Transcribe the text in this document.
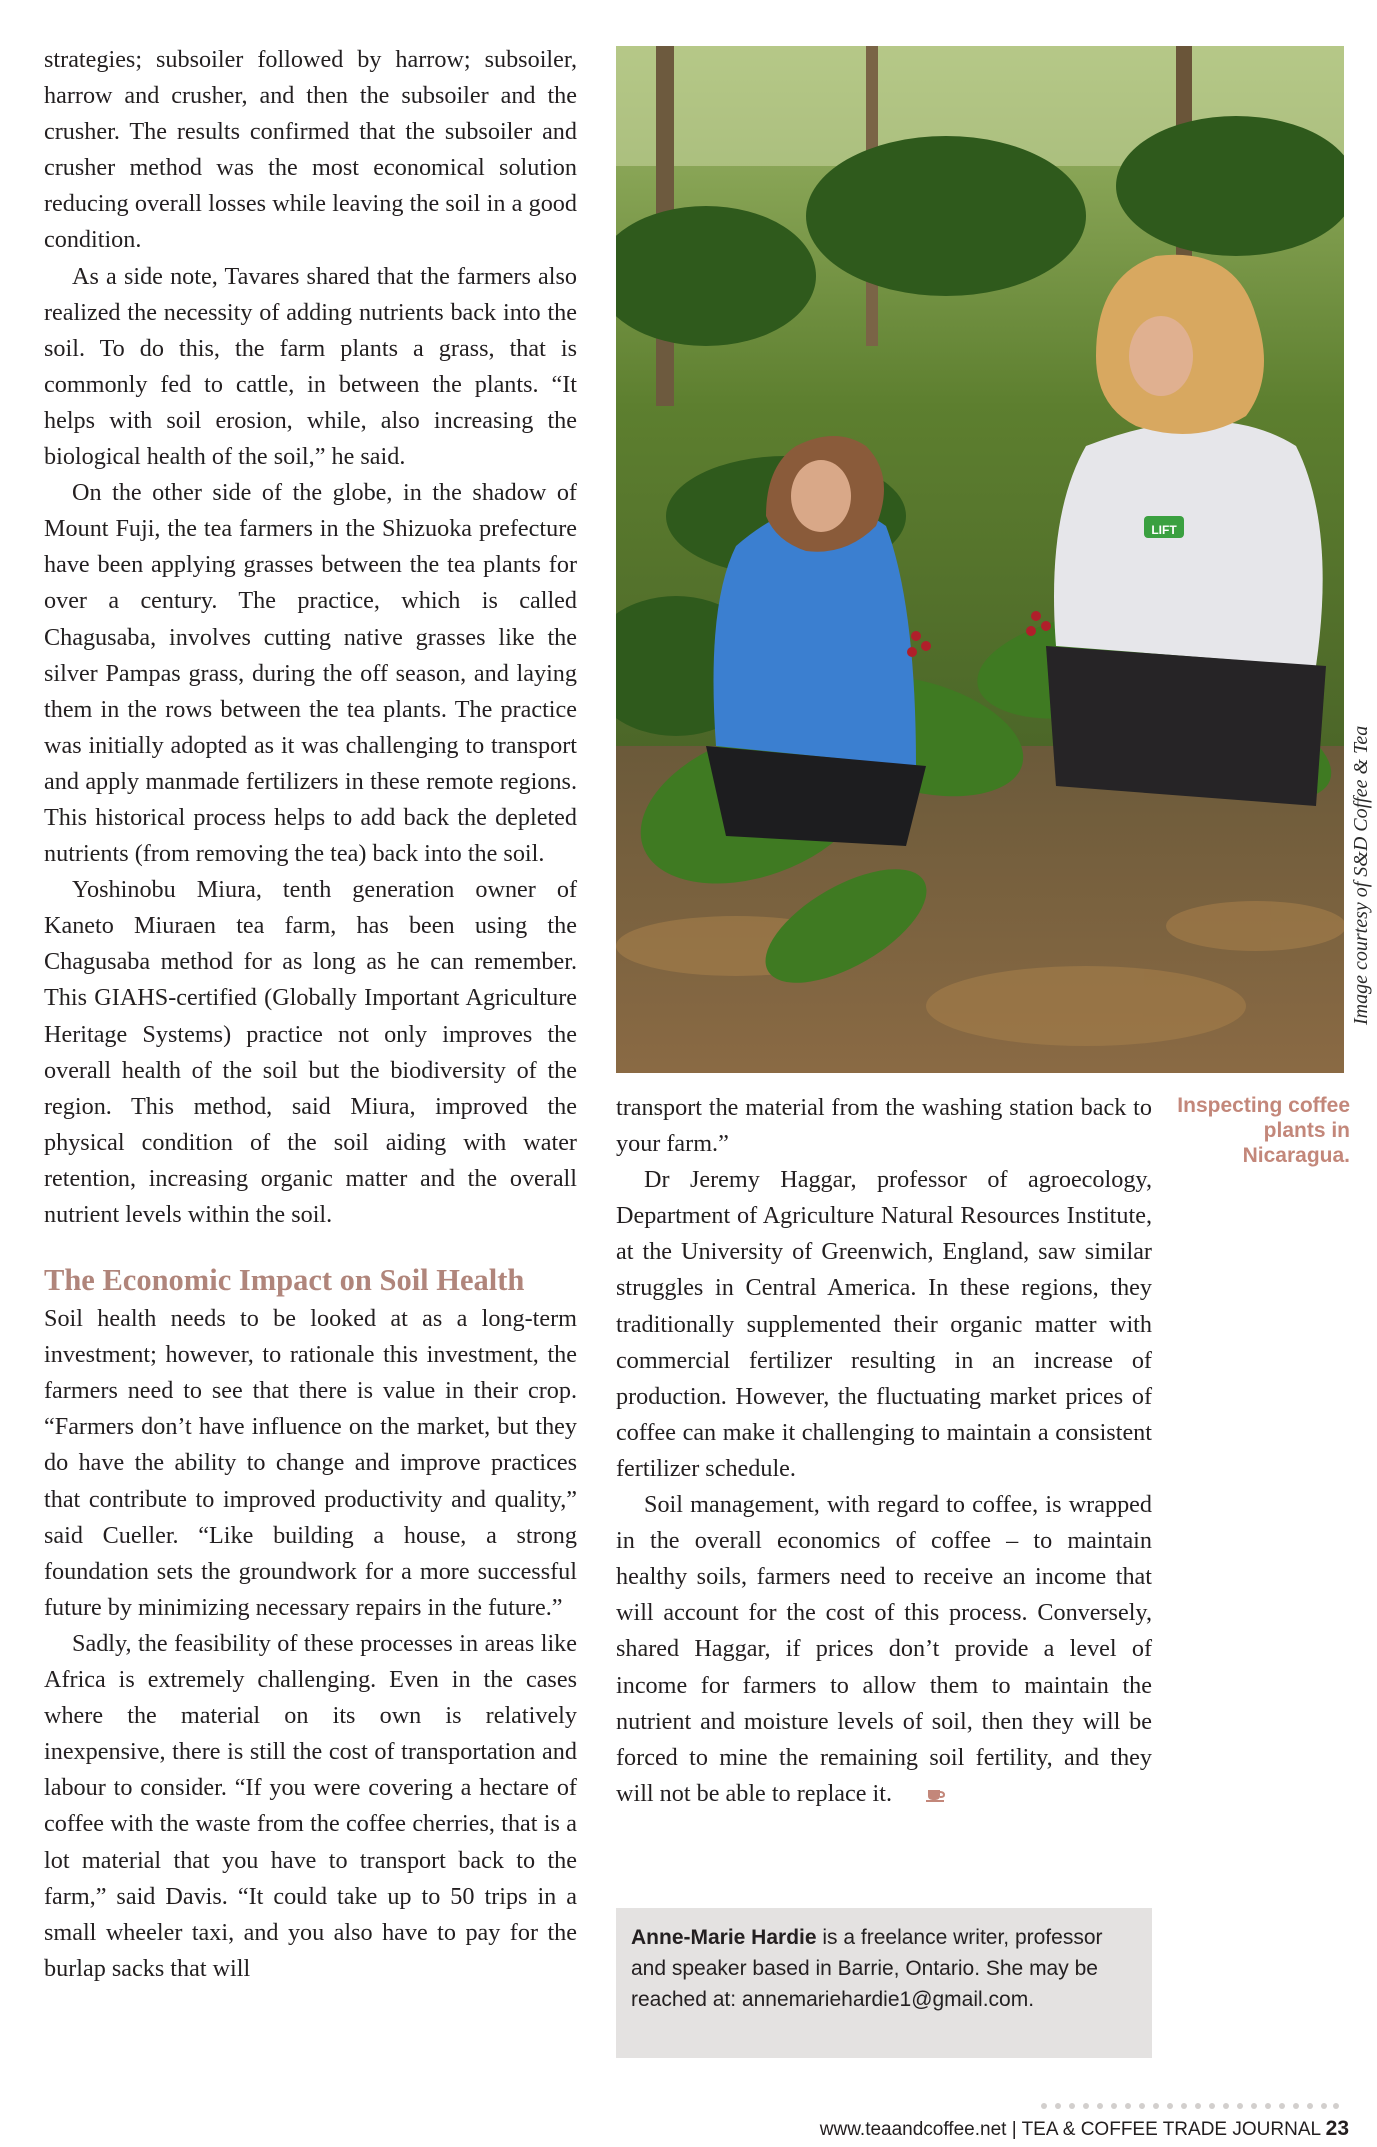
strategies; subsoiler followed by harrow; subsoiler, harrow and crusher, and then the subsoiler and the crusher. The results confirmed that the subsoiler and crusher method was the most economical solution reducing overall losses while leaving the soil in a good condition.

As a side note, Tavares shared that the farmers also realized the necessity of adding nutrients back into the soil. To do this, the farm plants a grass, that is commonly fed to cattle, in between the plants. “It helps with soil erosion, while, also increasing the biological health of the soil,” he said.

On the other side of the globe, in the shadow of Mount Fuji, the tea farmers in the Shizuoka prefecture have been applying grasses between the tea plants for over a century. The practice, which is called Chagusaba, involves cutting native grasses like the silver Pampas grass, during the off season, and laying them in the rows between the tea plants. The practice was initially adopted as it was challenging to transport and apply manmade fertilizers in these remote regions. This historical process helps to add back the depleted nutrients (from removing the tea) back into the soil.

Yoshinobu Miura, tenth generation owner of Kaneto Miuraen tea farm, has been using the Chagusaba method for as long as he can remember. This GIAHS-certified (Globally Important Agriculture Heritage Systems) practice not only improves the overall health of the soil but the biodiversity of the region. This method, said Miura, improved the physical condition of the soil aiding with water retention, increasing organic matter and the overall nutrient levels within the soil.

The Economic Impact on Soil Health

Soil health needs to be looked at as a long-term investment; however, to rationale this investment, the farmers need to see that there is value in their crop. “Farmers don’t have influence on the market, but they do have the ability to change and improve practices that contribute to improved productivity and quality,” said Cueller. “Like building a house, a strong foundation sets the groundwork for a more successful future by minimizing necessary repairs in the future.”

Sadly, the feasibility of these processes in areas like Africa is extremely challenging. Even in the cases where the material on its own is relatively inexpensive, there is still the cost of transportation and labour to consider. “If you were covering a hectare of coffee with the waste from the coffee cherries, that is a lot material that you have to transport back to the farm,” said Davis. “It could take up to 50 trips in a small wheeler taxi, and you also have to pay for the burlap sacks that will

LIFT
Image courtesy of S&D Coffee & Tea
Inspecting coffee plants in Nicaragua.

transport the material from the washing station back to your farm.”

Dr Jeremy Haggar, professor of agroecology, Department of Agriculture Natural Resources Institute, at the University of Greenwich, England, saw similar struggles in Central America. In these regions, they traditionally supplemented their organic matter with commercial fertilizer resulting in an increase of production. However, the fluctuating market prices of coffee can make it challenging to maintain a consistent fertilizer schedule.

Soil management, with regard to coffee, is wrapped in the overall economics of coffee – to maintain healthy soils, farmers need to receive an income that will account for the cost of this process. Conversely, shared Haggar, if prices don’t provide a level of income for farmers to allow them to maintain the nutrient and moisture levels of soil, then they will be forced to mine the remaining soil fertility, and they will not be able to replace it.

Anne-Marie Hardie is a freelance writer, professor and speaker based in Barrie, Ontario. She may be reached at: annemariehardie1@gmail.com.
www.teaandcoffee.net | TEA & COFFEE TRADE JOURNAL 23
